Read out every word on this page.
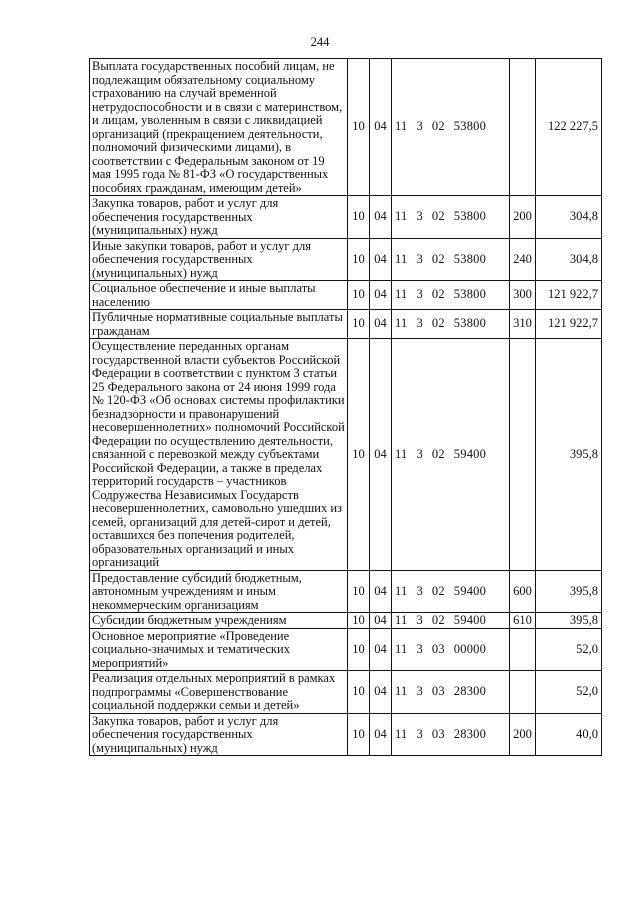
244
Выплата государственных пособий лицам, не подлежащим обязательному социальному страхованию на случай временной нетрудоспособности и в связи с материнством, и лицам, уволенным в связи с ликвидацией организаций (прекращением деятельности, полномочий физическими лицами), в соответствии с Федеральным законом от 19 мая 1995 года № 81-ФЗ «О государственных пособиях гражданам, имеющим детей»	10	04	11 3 02 53800		122 227,5
Закупка товаров, работ и услуг для обеспечения государственных (муниципальных) нужд	10	04	11 3 02 53800	200	304,8
Иные закупки товаров, работ и услуг для обеспечения государственных (муниципальных) нужд	10	04	11 3 02 53800	240	304,8
Социальное обеспечение и иные выплаты населению	10	04	11 3 02 53800	300	121 922,7
Публичные нормативные социальные выплаты гражданам	10	04	11 3 02 53800	310	121 922,7
Осуществление переданных органам государственной власти субъектов Российской Федерации в соответствии с пунктом 3 статьи 25 Федерального закона от 24 июня 1999 года № 120-ФЗ «Об основах системы профилактики безнадзорности и правонарушений несовершеннолетних» полномочий Российской Федерации по осуществлению деятельности, связанной с перевозкой между субъектами Российской Федерации, а также в пределах территорий государств – участников Содружества Независимых Государств несовершеннолетних, самовольно ушедших из семей, организаций для детей-сирот и детей, оставшихся без попечения родителей, образовательных организаций и иных организаций	10	04	11 3 02 59400		395,8
Предоставление субсидий бюджетным, автономным учреждениям и иным некоммерческим организациям	10	04	11 3 02 59400	600	395,8
Субсидии бюджетным учреждениям	10	04	11 3 02 59400	610	395,8
Основное мероприятие «Проведение социально-значимых и тематических мероприятий»	10	04	11 3 03 00000		52,0
Реализация отдельных мероприятий в рамках подпрограммы «Совершенствование социальной поддержки семьи и детей»	10	04	11 3 03 28300		52,0
Закупка товаров, работ и услуг для обеспечения государственных (муниципальных) нужд	10	04	11 3 03 28300	200	40,0
